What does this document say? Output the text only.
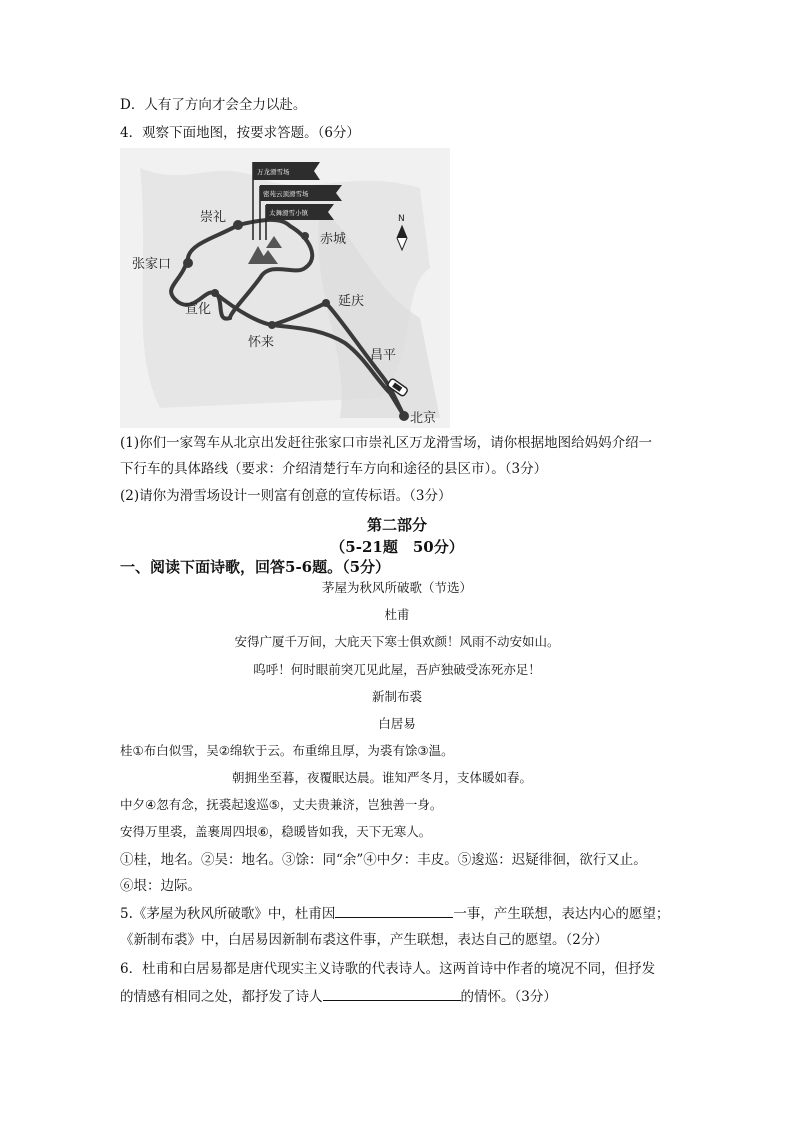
D．人有了方向才会全力以赴。
4．观察下面地图，按要求答题。（6分）
万龙滑雪场
密苑云顶滑雪场
太舞滑雪小镇
N
崇礼
张家口
宣化
怀来
延庆
昌平
北京
赤城
(1)你们一家驾车从北京出发赶往张家口市崇礼区万龙滑雪场，请你根据地图给妈妈介绍一
下行车的具体路线（要求：介绍清楚行车方向和途径的县区市）。（3分）
(2)请你为滑雪场设计一则富有创意的宣传标语。（3分）
第二部分
（5-21题　50分）
一、阅读下面诗歌，回答5-6题。（5分）
茅屋为秋风所破歌（节选）
杜甫
安得广厦千万间，大庇天下寒士俱欢颜！风雨不动安如山。
呜呼！何时眼前突兀见此屋，吾庐独破受冻死亦足！
新制布裘
白居易
桂①布白似雪，吴②绵软于云。布重绵且厚，为裘有馀③温。
朝拥坐至暮，夜覆眠达晨。谁知严冬月，支体暖如春。
中夕④忽有念，抚裘起逡巡⑤，丈夫贵兼济，岂独善一身。
安得万里裘，盖裹周四垠⑥，稳暖皆如我，天下无寒人。
①桂，地名。②吴：地名。③馀：同“余”④中夕：丰皮。⑤逡巡：迟疑徘徊，欲行又止。
⑥垠：边际。
5.《茅屋为秋风所破歌》中，杜甫因	一事，产生联想，表达内心的愿望；
《新制布裘》中，白居易因新制布裘这件事，产生联想，表达自己的愿望。（2分）
6．杜甫和白居易都是唐代现实主义诗歌的代表诗人。这两首诗中作者的境况不同，但抒发
的情感有相同之处，都抒发了诗人	的情怀。（3分）
